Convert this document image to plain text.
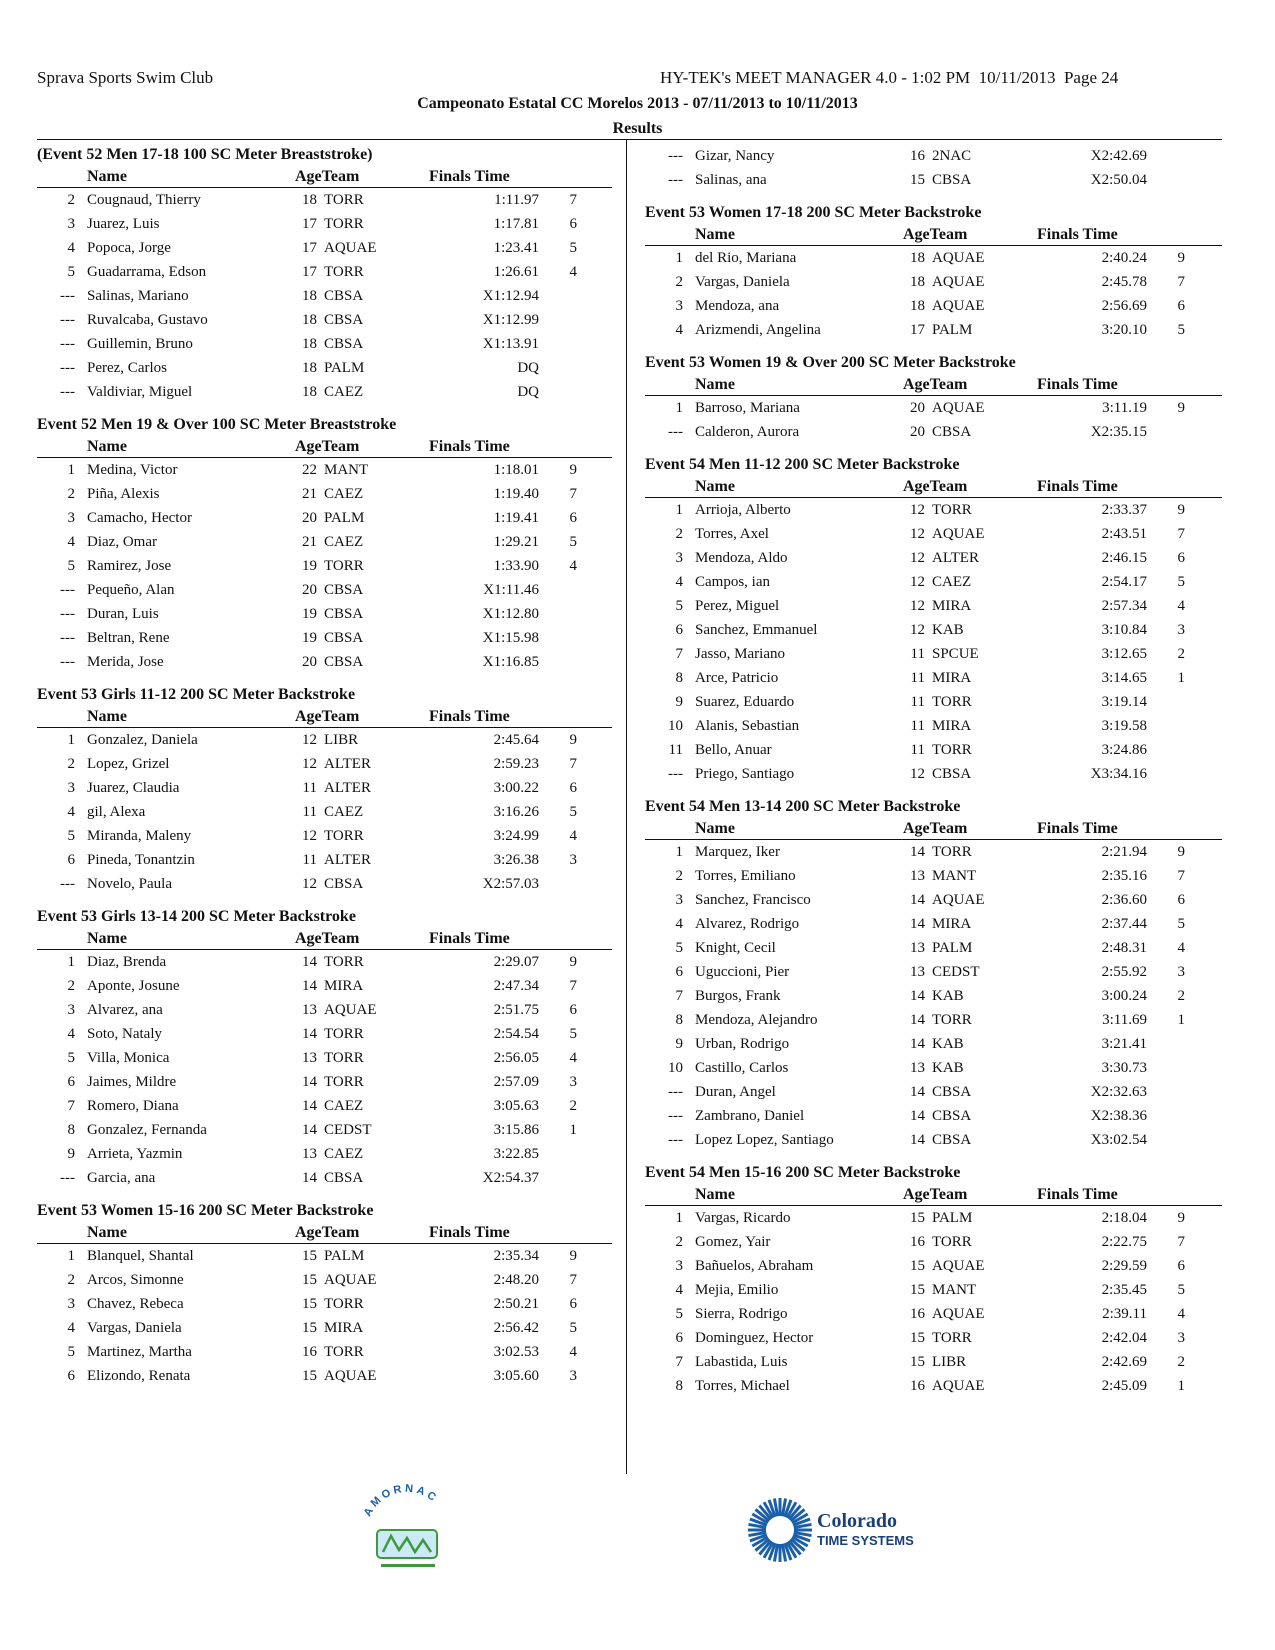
Sprava Sports Swim Club	HY-TEK's MEET MANAGER 4.0 - 1:02 PM  10/11/2013  Page 24
Campeonato Estatal CC Morelos 2013 - 07/11/2013 to 10/11/2013
Results
(Event 52 Men 17-18 100 SC Meter Breaststroke)
Name	AgeTeam	Finals Time
2 Cougnaud, Thierry	18 TORR	1:11.97	7
3 Juarez, Luis	17 TORR	1:17.81	6
4 Popoca, Jorge	17 AQUAE	1:23.41	5
5 Guadarrama, Edson	17 TORR	1:26.61	4
--- Salinas, Mariano	18 CBSA	X1:12.94
--- Ruvalcaba, Gustavo	18 CBSA	X1:12.99
--- Guillemin, Bruno	18 CBSA	X1:13.91
--- Perez, Carlos	18 PALM	DQ
--- Valdiviar, Miguel	18 CAEZ	DQ
Event 52 Men 19 & Over 100 SC Meter Breaststroke
Name	AgeTeam	Finals Time
1 Medina, Victor	22 MANT	1:18.01	9
2 Piña, Alexis	21 CAEZ	1:19.40	7
3 Camacho, Hector	20 PALM	1:19.41	6
4 Diaz, Omar	21 CAEZ	1:29.21	5
5 Ramirez, Jose	19 TORR	1:33.90	4
--- Pequeño, Alan	20 CBSA	X1:11.46
--- Duran, Luis	19 CBSA	X1:12.80
--- Beltran, Rene	19 CBSA	X1:15.98
--- Merida, Jose	20 CBSA	X1:16.85
Event 53 Girls 11-12 200 SC Meter Backstroke
Name	AgeTeam	Finals Time
1 Gonzalez, Daniela	12 LIBR	2:45.64	9
2 Lopez, Grizel	12 ALTER	2:59.23	7
3 Juarez, Claudia	11 ALTER	3:00.22	6
4 gil, Alexa	11 CAEZ	3:16.26	5
5 Miranda, Maleny	12 TORR	3:24.99	4
6 Pineda, Tonantzin	11 ALTER	3:26.38	3
--- Novelo, Paula	12 CBSA	X2:57.03
Event 53 Girls 13-14 200 SC Meter Backstroke
Name	AgeTeam	Finals Time
1 Diaz, Brenda	14 TORR	2:29.07	9
2 Aponte, Josune	14 MIRA	2:47.34	7
3 Alvarez, ana	13 AQUAE	2:51.75	6
4 Soto, Nataly	14 TORR	2:54.54	5
5 Villa, Monica	13 TORR	2:56.05	4
6 Jaimes, Mildre	14 TORR	2:57.09	3
7 Romero, Diana	14 CAEZ	3:05.63	2
8 Gonzalez, Fernanda	14 CEDST	3:15.86	1
9 Arrieta, Yazmin	13 CAEZ	3:22.85
--- Garcia, ana	14 CBSA	X2:54.37
Event 53 Women 15-16 200 SC Meter Backstroke
Name	AgeTeam	Finals Time
1 Blanquel, Shantal	15 PALM	2:35.34	9
2 Arcos, Simonne	15 AQUAE	2:48.20	7
3 Chavez, Rebeca	15 TORR	2:50.21	6
4 Vargas, Daniela	15 MIRA	2:56.42	5
5 Martinez, Martha	16 TORR	3:02.53	4
6 Elizondo, Renata	15 AQUAE	3:05.60	3
--- Gizar, Nancy	16 2NAC	X2:42.69
--- Salinas, ana	15 CBSA	X2:50.04
Event 53 Women 17-18 200 SC Meter Backstroke
Name	AgeTeam	Finals Time
1 del Rio, Mariana	18 AQUAE	2:40.24	9
2 Vargas, Daniela	18 AQUAE	2:45.78	7
3 Mendoza, ana	18 AQUAE	2:56.69	6
4 Arizmendi, Angelina	17 PALM	3:20.10	5
Event 53 Women 19 & Over 200 SC Meter Backstroke
Name	AgeTeam	Finals Time
1 Barroso, Mariana	20 AQUAE	3:11.19	9
--- Calderon, Aurora	20 CBSA	X2:35.15
Event 54 Men 11-12 200 SC Meter Backstroke
Name	AgeTeam	Finals Time
1 Arrioja, Alberto	12 TORR	2:33.37	9
2 Torres, Axel	12 AQUAE	2:43.51	7
3 Mendoza, Aldo	12 ALTER	2:46.15	6
4 Campos, ian	12 CAEZ	2:54.17	5
5 Perez, Miguel	12 MIRA	2:57.34	4
6 Sanchez, Emmanuel	12 KAB	3:10.84	3
7 Jasso, Mariano	11 SPCUE	3:12.65	2
8 Arce, Patricio	11 MIRA	3:14.65	1
9 Suarez, Eduardo	11 TORR	3:19.14
10 Alanis, Sebastian	11 MIRA	3:19.58
11 Bello, Anuar	11 TORR	3:24.86
--- Priego, Santiago	12 CBSA	X3:34.16
Event 54 Men 13-14 200 SC Meter Backstroke
Name	AgeTeam	Finals Time
1 Marquez, Iker	14 TORR	2:21.94	9
2 Torres, Emiliano	13 MANT	2:35.16	7
3 Sanchez, Francisco	14 AQUAE	2:36.60	6
4 Alvarez, Rodrigo	14 MIRA	2:37.44	5
5 Knight, Cecil	13 PALM	2:48.31	4
6 Uguccioni, Pier	13 CEDST	2:55.92	3
7 Burgos, Frank	14 KAB	3:00.24	2
8 Mendoza, Alejandro	14 TORR	3:11.69	1
9 Urban, Rodrigo	14 KAB	3:21.41
10 Castillo, Carlos	13 KAB	3:30.73
--- Duran, Angel	14 CBSA	X2:32.63
--- Zambrano, Daniel	14 CBSA	X2:38.36
--- Lopez Lopez, Santiago	14 CBSA	X3:02.54
Event 54 Men 15-16 200 SC Meter Backstroke
Name	AgeTeam	Finals Time
1 Vargas, Ricardo	15 PALM	2:18.04	9
2 Gomez, Yair	16 TORR	2:22.75	7
3 Bañuelos, Abraham	15 AQUAE	2:29.59	6
4 Mejia, Emilio	15 MANT	2:35.45	5
5 Sierra, Rodrigo	16 AQUAE	2:39.11	4
6 Dominguez, Hector	15 TORR	2:42.04	3
7 Labastida, Luis	15 LIBR	2:42.69	2
8 Torres, Michael	16 AQUAE	2:45.09	1
AMORNAC
Colorado
TIME SYSTEMS
